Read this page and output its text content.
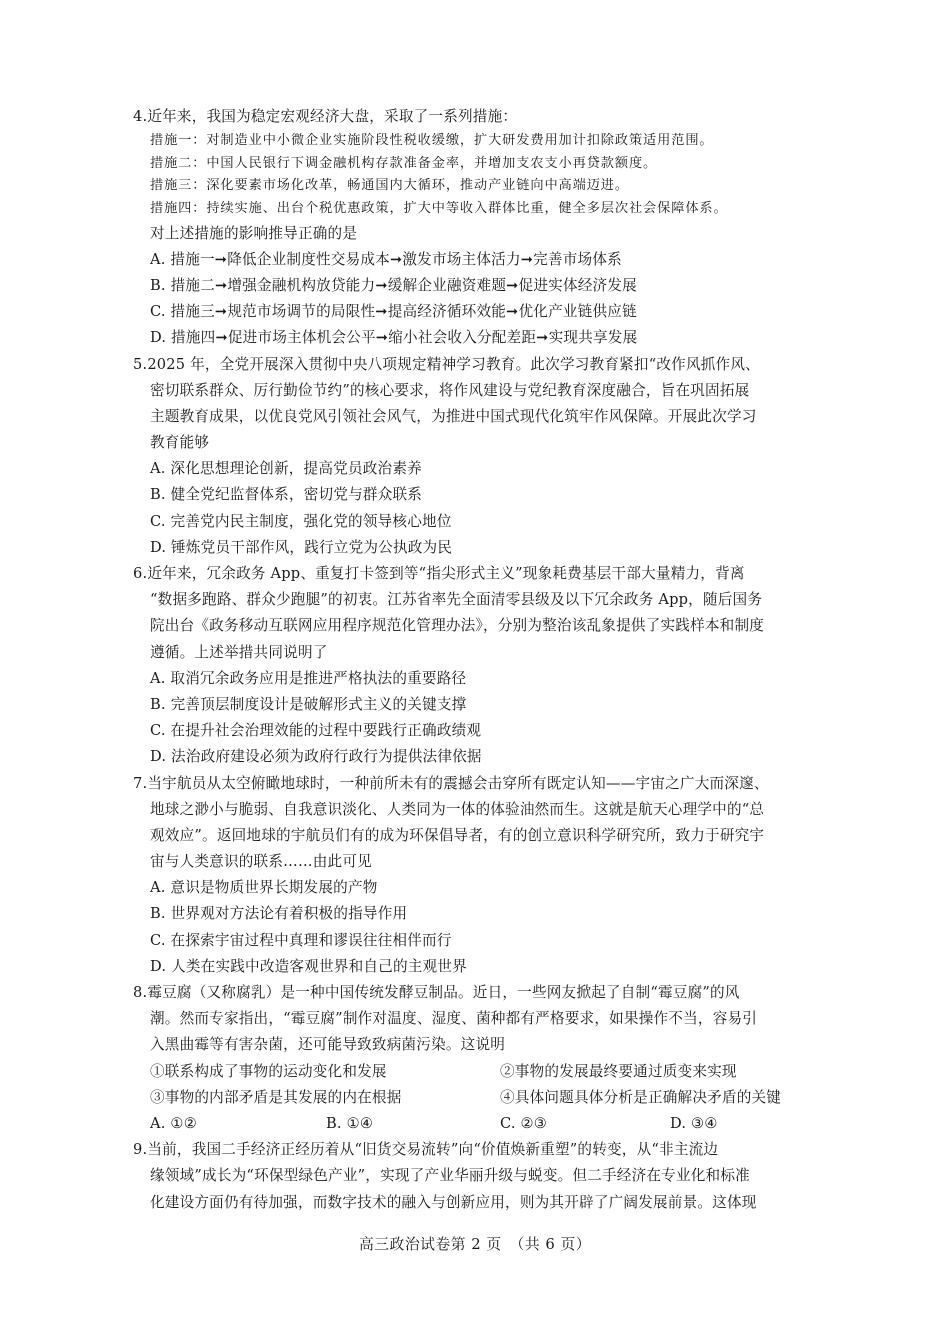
4.近年来，我国为稳定宏观经济大盘，采取了一系列措施：
措施一：对制造业中小微企业实施阶段性税收缓缴，扩大研发费用加计扣除政策适用范围。
措施二：中国人民银行下调金融机构存款准备金率，并增加支农支小再贷款额度。
措施三：深化要素市场化改革，畅通国内大循环，推动产业链向中高端迈进。
措施四：持续实施、出台个税优惠政策，扩大中等收入群体比重，健全多层次社会保障体系。
对上述措施的影响推导正确的是
A. 措施一➞降低企业制度性交易成本➞激发市场主体活力➞完善市场体系
B. 措施二➞增强金融机构放贷能力➞缓解企业融资难题➞促进实体经济发展
C. 措施三➞规范市场调节的局限性➞提高经济循环效能➞优化产业链供应链
D. 措施四➞促进市场主体机会公平➞缩小社会收入分配差距➞实现共享发展
5.2025 年，全党开展深入贯彻中央八项规定精神学习教育。此次学习教育紧扣“改作风抓作风、
密切联系群众、厉行勤俭节约”的核心要求，将作风建设与党纪教育深度融合，旨在巩固拓展
主题教育成果，以优良党风引领社会风气，为推进中国式现代化筑牢作风保障。开展此次学习
教育能够
A. 深化思想理论创新，提高党员政治素养
B. 健全党纪监督体系，密切党与群众联系
C. 完善党内民主制度，强化党的领导核心地位
D. 锤炼党员干部作风，践行立党为公执政为民
6.近年来，冗余政务 App、重复打卡签到等“指尖形式主义”现象耗费基层干部大量精力，背离
“数据多跑路、群众少跑腿”的初衷。江苏省率先全面清零县级及以下冗余政务 App，随后国务
院出台《政务移动互联网应用程序规范化管理办法》，分别为整治该乱象提供了实践样本和制度
遵循。上述举措共同说明了
A. 取消冗余政务应用是推进严格执法的重要路径
B. 完善顶层制度设计是破解形式主义的关键支撑
C. 在提升社会治理效能的过程中要践行正确政绩观
D. 法治政府建设必须为政府行政行为提供法律依据
7.当宇航员从太空俯瞰地球时，一种前所未有的震撼会击穿所有既定认知——宇宙之广大而深邃、
地球之渺小与脆弱、自我意识淡化、人类同为一体的体验油然而生。这就是航天心理学中的“总
观效应”。返回地球的宇航员们有的成为环保倡导者，有的创立意识科学研究所，致力于研究宇
宙与人类意识的联系……由此可见
A. 意识是物质世界长期发展的产物
B. 世界观对方法论有着积极的指导作用
C. 在探索宇宙过程中真理和谬误往往相伴而行
D. 人类在实践中改造客观世界和自己的主观世界
8.霉豆腐（又称腐乳）是一种中国传统发酵豆制品。近日，一些网友掀起了自制“霉豆腐”的风
潮。然而专家指出，“霉豆腐”制作对温度、湿度、菌种都有严格要求，如果操作不当，容易引
入黑曲霉等有害杂菌，还可能导致致病菌污染。这说明
①联系构成了事物的运动变化和发展	②事物的发展最终要通过质变来实现
③事物的内部矛盾是其发展的内在根据	④具体问题具体分析是正确解决矛盾的关键
A. ①②	B. ①④	C. ②③	D. ③④
9.当前，我国二手经济正经历着从“旧货交易流转”向“价值焕新重塑”的转变，从“非主流边
缘领域”成长为“环保型绿色产业”，实现了产业华丽升级与蜕变。但二手经济在专业化和标准
化建设方面仍有待加强，而数字技术的融入与创新应用，则为其开辟了广阔发展前景。这体现
高三政治试卷第 2 页　（共 6 页）
